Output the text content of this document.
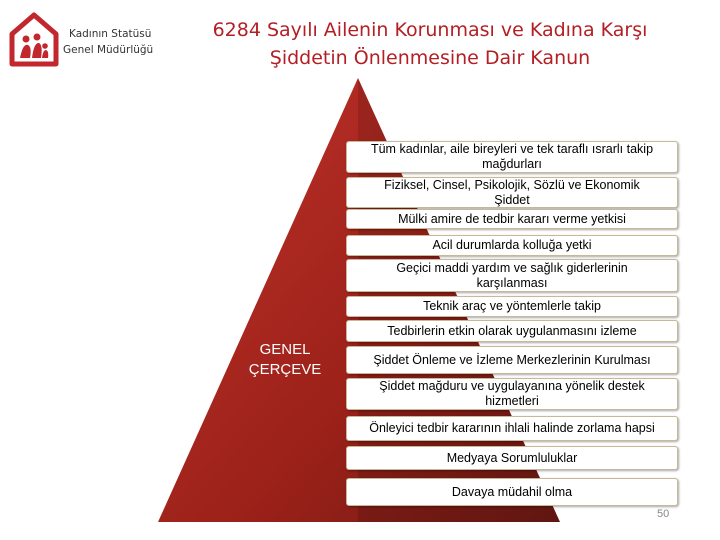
Kadının Statüsü
Genel Müdürlüğü
6284 Sayılı Ailenin Korunması ve Kadına Karşı
Şiddetin Önlenmesine Dair Kanun
GENEL
ÇERÇEVE
Tüm kadınlar, aile bireyleri ve tek taraflı ısrarlı takip
mağdurları
Fiziksel, Cinsel, Psikolojik, Sözlü ve Ekonomik
Şiddet
Mülki amire de tedbir kararı verme yetkisi
Acil durumlarda kolluğa yetki
Geçici maddi yardım ve sağlık giderlerinin
karşılanması
Teknik araç ve yöntemlerle takip
Tedbirlerin etkin olarak uygulanmasını izleme
Şiddet Önleme ve İzleme Merkezlerinin Kurulması
Şiddet mağduru ve uygulayanına yönelik destek
hizmetleri
Önleyici tedbir kararının ihlali halinde zorlama hapsi
Medyaya Sorumluluklar
Davaya müdahil olma
50
